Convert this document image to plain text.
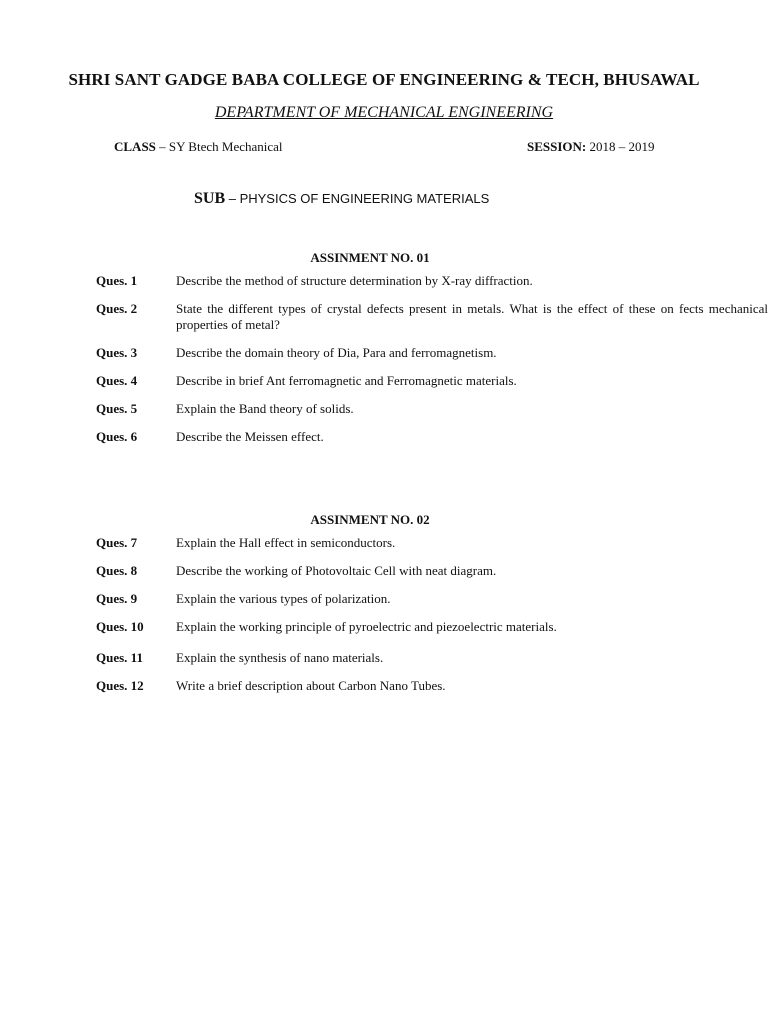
SHRI SANT GADGE BABA COLLEGE OF ENGINEERING & TECH, BHUSAWAL
DEPARTMENT OF MECHANICAL ENGINEERING
CLASS – SY Btech Mechanical	SESSION: 2018 – 2019
SUB – PHYSICS OF ENGINEERING MATERIALS
ASSINMENT NO. 01
Ques. 1	Describe the method of structure determination by X-ray diffraction.
Ques. 2	State the different types of crystal defects present in metals. What is the effect of these on fects mechanical properties of metal?
Ques. 3	Describe the domain theory of Dia, Para and ferromagnetism.
Ques. 4	Describe in brief Ant ferromagnetic and Ferromagnetic materials.
Ques. 5	Explain the Band theory of solids.
Ques. 6	Describe the Meissen effect.
ASSINMENT NO. 02
Ques. 7	Explain the Hall effect in semiconductors.
Ques. 8	Describe the working of Photovoltaic Cell with neat diagram.
Ques. 9	Explain the various types of polarization.
Ques. 10 Explain the working principle of pyroelectric and piezoelectric materials.
Ques. 11	Explain the synthesis of nano materials.
Ques. 12 Write a brief description about Carbon Nano Tubes.
